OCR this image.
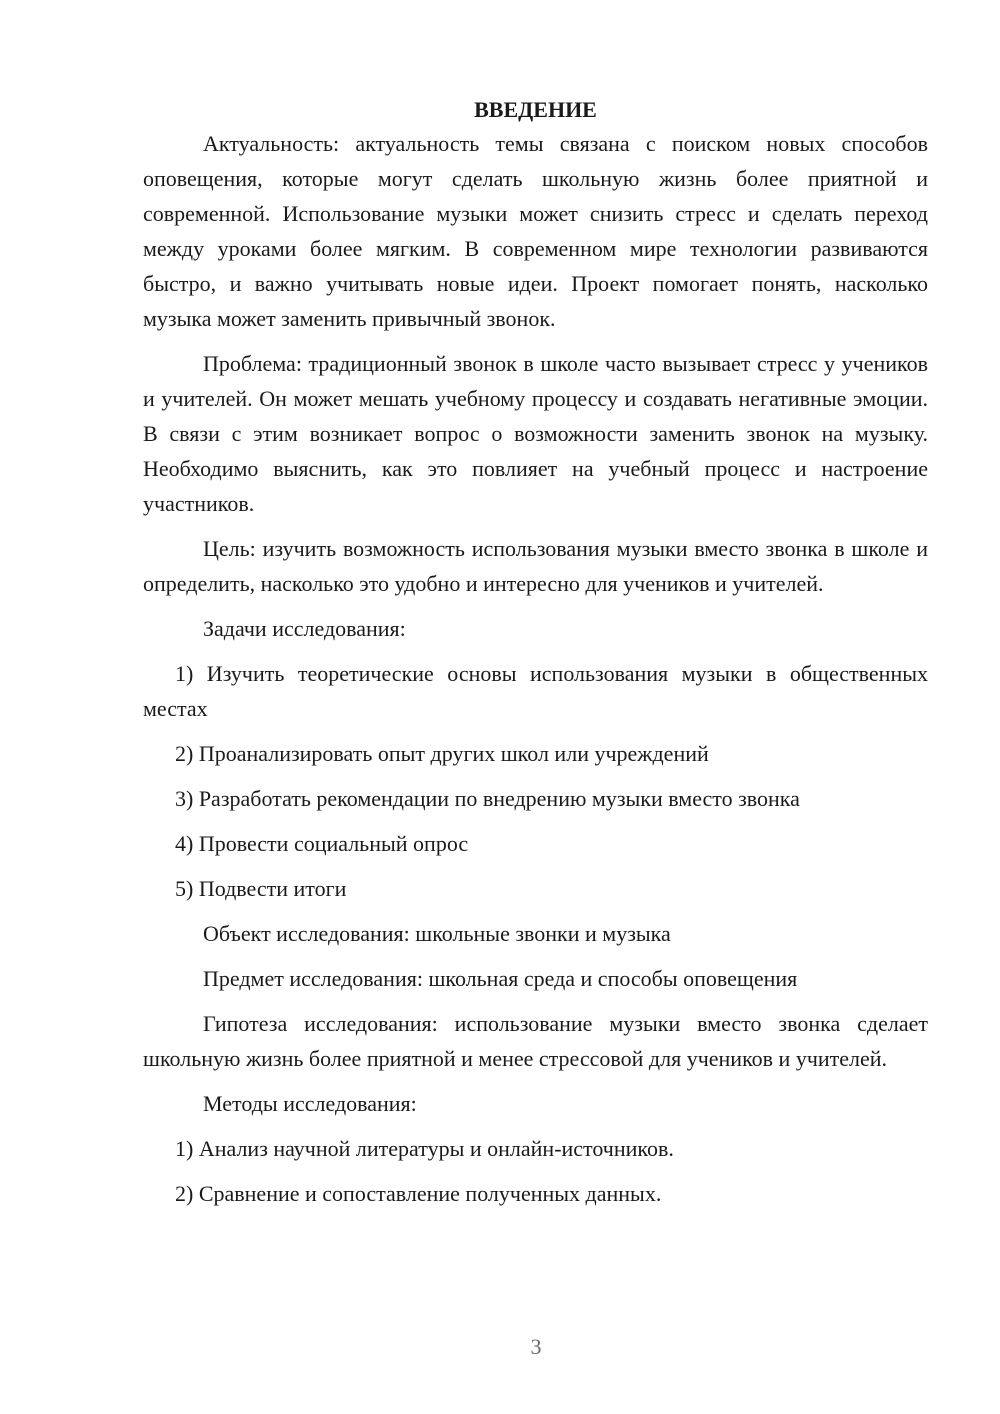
ВВЕДЕНИЕ

Актуальность: актуальность темы связана с поиском новых способов оповещения, которые могут сделать школьную жизнь более приятной и современной. Использование музыки может снизить стресс и сделать переход между уроками более мягким. В современном мире технологии развиваются быстро, и важно учитывать новые идеи. Проект помогает понять, насколько музыка может заменить привычный звонок.

Проблема: традиционный звонок в школе часто вызывает стресс у учеников и учителей. Он может мешать учебному процессу и создавать негативные эмоции. В связи с этим возникает вопрос о возможности заменить звонок на музыку. Необходимо выяснить, как это повлияет на учебный процесс и настроение участников.

Цель: изучить возможность использования музыки вместо звонка в школе и определить, насколько это удобно и интересно для учеников и учителей.

Задачи исследования:

1) Изучить теоретические основы использования музыки в общественных местах

2) Проанализировать опыт других школ или учреждений

3) Разработать рекомендации по внедрению музыки вместо звонка

4) Провести социальный опрос

5) Подвести итоги

Объект исследования: школьные звонки и музыка

Предмет исследования: школьная среда и способы оповещения

Гипотеза исследования: использование музыки вместо звонка сделает школьную жизнь более приятной и менее стрессовой для учеников и учителей.

Методы исследования:

1) Анализ научной литературы и онлайн-источников.

2) Сравнение и сопоставление полученных данных.

3
